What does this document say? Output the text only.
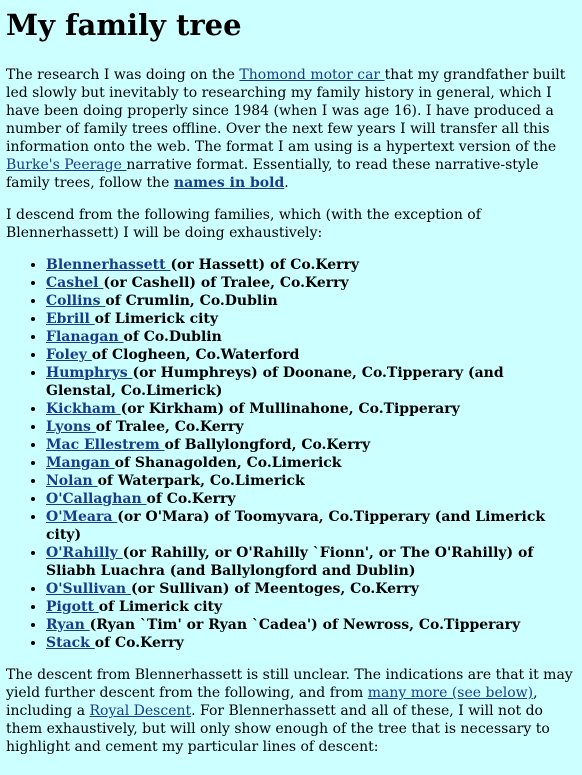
My family tree

The research I was doing on the Thomond motor car that my grandfather built led slowly but inevitably to researching my family history in general, which I have been doing properly since 1984 (when I was age 16). I have produced a number of family trees offline. Over the next few years I will transfer all this information onto the web. The format I am using is a hypertext version of the Burke's Peerage narrative format. Essentially, to read these narrative-style family trees, follow the names in bold.

I descend from the following families, which (with the exception of Blennerhassett) I will be doing exhaustively:

• Blennerhassett (or Hassett) of Co.Kerry
• Cashel (or Cashell) of Tralee, Co.Kerry
• Collins of Crumlin, Co.Dublin
• Ebrill of Limerick city
• Flanagan of Co.Dublin
• Foley of Clogheen, Co.Waterford
• Humphrys (or Humphreys) of Doonane, Co.Tipperary (and Glenstal, Co.Limerick)
• Kickham (or Kirkham) of Mullinahone, Co.Tipperary
• Lyons of Tralee, Co.Kerry
• Mac Ellestrem of Ballylongford, Co.Kerry
• Mangan of Shanagolden, Co.Limerick
• Nolan of Waterpark, Co.Limerick
• O'Callaghan of Co.Kerry
• O'Meara (or O'Mara) of Toomyvara, Co.Tipperary (and Limerick city)
• O'Rahilly (or Rahilly, or O'Rahilly `Fionn', or The O'Rahilly) of Sliabh Luachra (and Ballylongford and Dublin)
• O'Sullivan (or Sullivan) of Meentoges, Co.Kerry
• Pigott of Limerick city
• Ryan (Ryan `Tim' or Ryan `Cadea') of Newross, Co.Tipperary
• Stack of Co.Kerry

The descent from Blennerhassett is still unclear. The indications are that it may yield further descent from the following, and from many more (see below), including a Royal Descent. For Blennerhassett and all of these, I will not do them exhaustively, but will only show enough of the tree that is necessary to highlight and cement my particular lines of descent:
